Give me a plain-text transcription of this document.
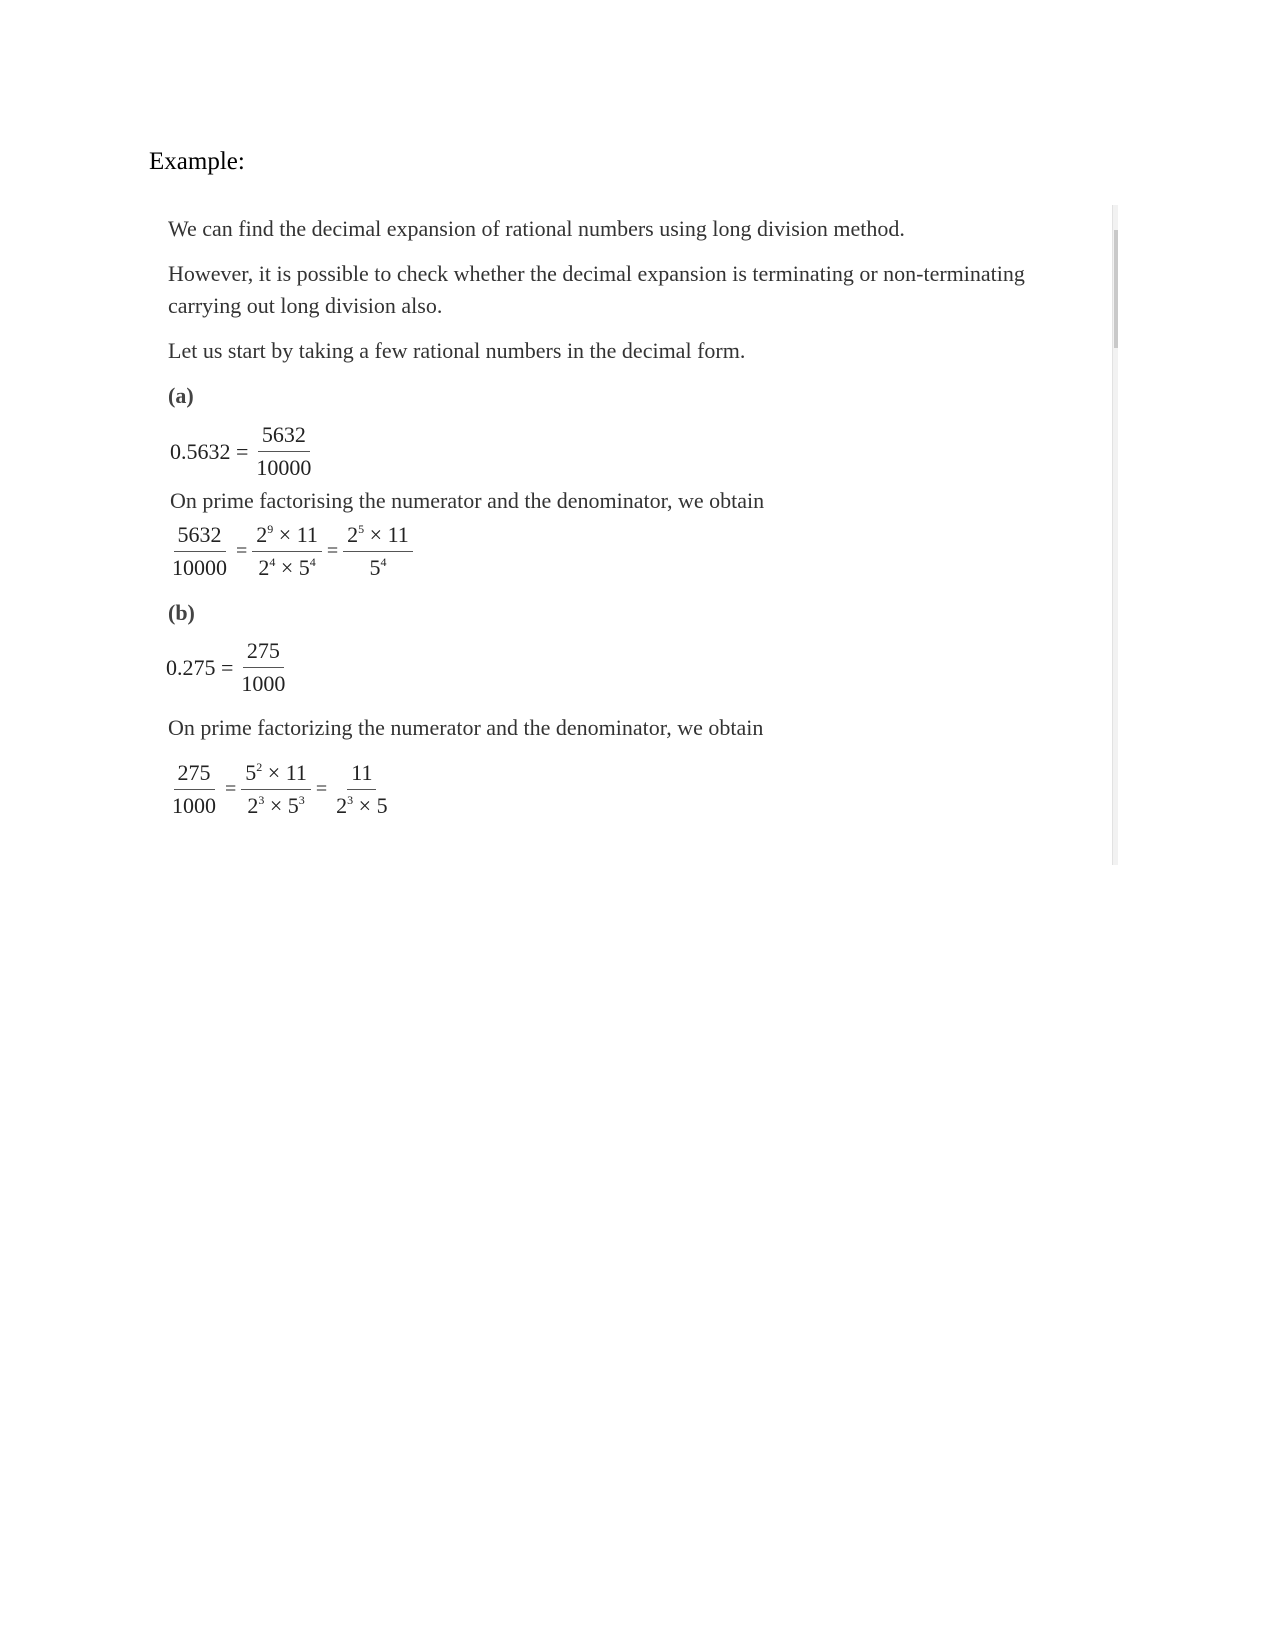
Example:
We can find the decimal expansion of rational numbers using long division method.
However, it is possible to check whether the decimal expansion is terminating or non-terminating
carrying out long division also.
Let us start by taking a few rational numbers in the decimal form.
(a)
$0.5632 = \frac{5632}{10000}$
On prime factorising the numerator and the denominator, we obtain
$\frac{5632}{10000} = \frac{2^9 \times 11}{2^4 \times 5^4} = \frac{2^5 \times 11}{5^4}$
(b)
$0.275 = \frac{275}{1000}$
On prime factorizing the numerator and the denominator, we obtain
$\frac{275}{1000} = \frac{5^2 \times 11}{2^3 \times 5^3} = \frac{11}{2^3 \times 5}$
